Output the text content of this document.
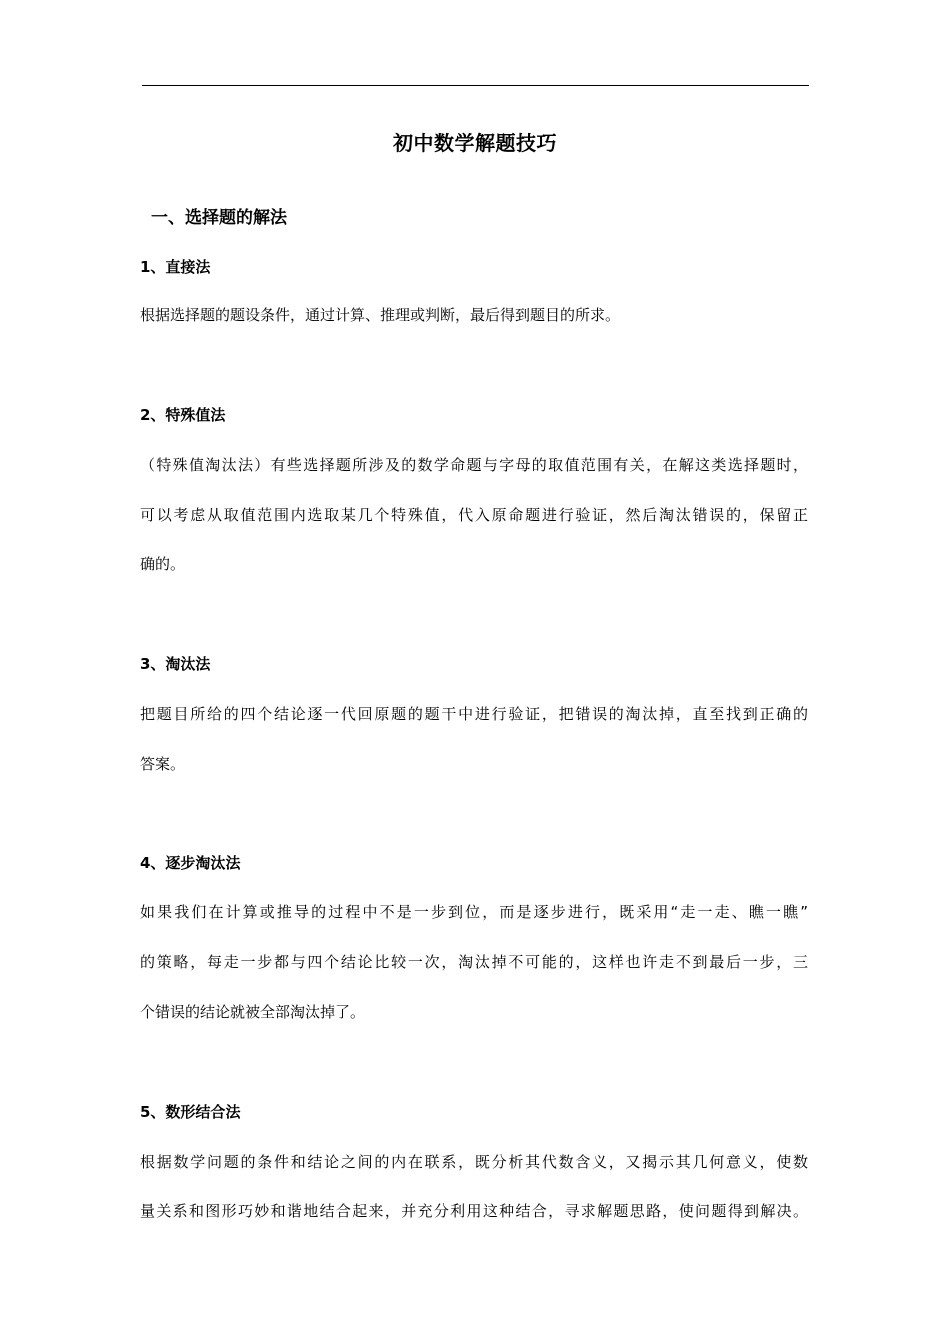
初中数学解题技巧
一、选择题的解法
1、直接法

根据选择题的题设条件，通过计算、推理或判断，最后得到题目的所求。

2、特殊值法

（特殊值淘汰法）有些选择题所涉及的数学命题与字母的取值范围有关，在解这类选择题时，

可以考虑从取值范围内选取某几个特殊值，代入原命题进行验证，然后淘汰错误的，保留正

确的。

3、淘汰法

把题目所给的四个结论逐一代回原题的题干中进行验证，把错误的淘汰掉，直至找到正确的

答案。

4、逐步淘汰法

如果我们在计算或推导的过程中不是一步到位，而是逐步进行，既采用“走一走、瞧一瞧”

的策略，每走一步都与四个结论比较一次，淘汰掉不可能的，这样也许走不到最后一步，三

个错误的结论就被全部淘汰掉了。

5、数形结合法

根据数学问题的条件和结论之间的内在联系，既分析其代数含义，又揭示其几何意义，使数

量关系和图形巧妙和谐地结合起来，并充分利用这种结合，寻求解题思路，使问题得到解决。
